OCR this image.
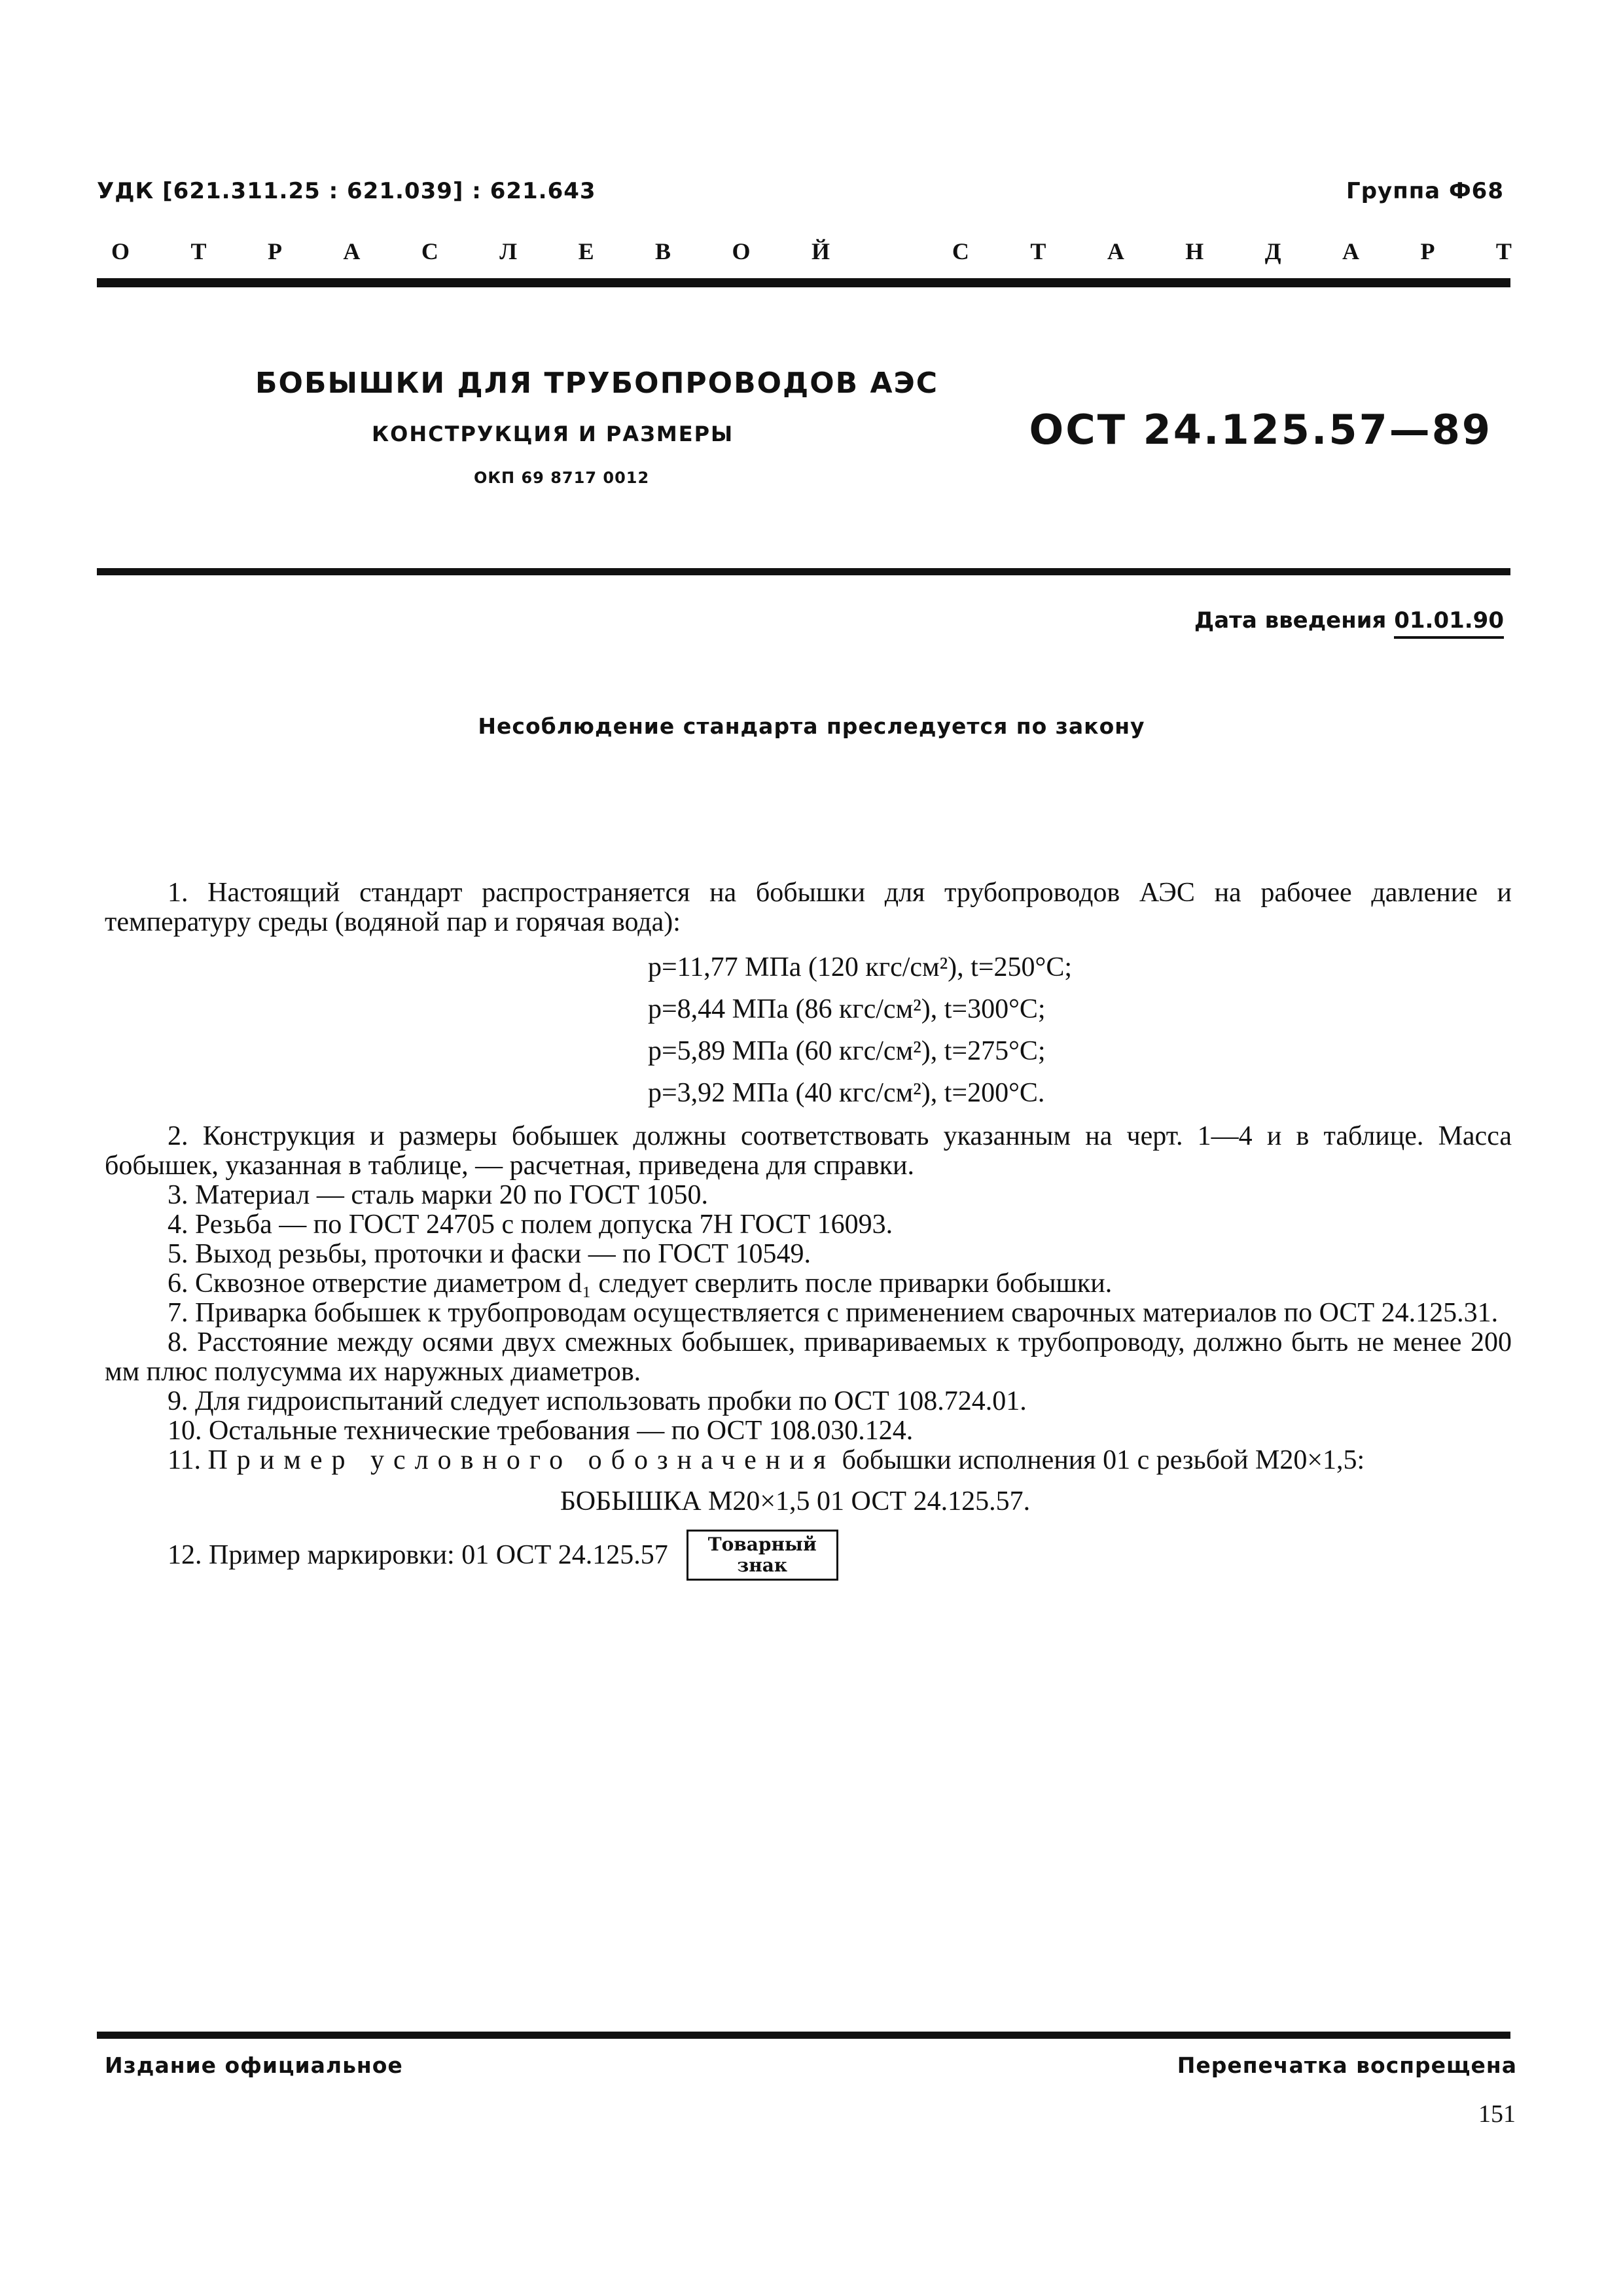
УДК [621.311.25 : 621.039] : 621.643	Группа Ф68
О	Т	Р	А	С	Л	Е	В	О	Й	С	Т	А	Н	Д	А	Р	Т
БОБЫШКИ ДЛЯ ТРУБОПРОВОДОВ АЭС
КОНСТРУКЦИЯ И РАЗМЕРЫ
ОКП 69 8717 0012
ОСТ 24.125.57—89
Дата введения 01.01.90
Несоблюдение стандарта преследуется по закону

1. Настоящий стандарт распространяется на бобышки для трубопроводов АЭС на рабочее давление и температуру среды (водяной пар и горячая вода):

p=11,77 МПа (120 кгс/см²), t=250°C;
p=8,44 МПа (86 кгс/см²), t=300°C;
p=5,89 МПа (60 кгс/см²), t=275°C;
p=3,92 МПа (40 кгс/см²), t=200°C.

2. Конструкция и размеры бобышек должны соответствовать указанным на черт. 1—4 и в таблице. Масса бобышек, указанная в таблице, — расчетная, приведена для справки.

3. Материал — сталь марки 20 по ГОСТ 1050.

4. Резьба — по ГОСТ 24705 с полем допуска 7H ГОСТ 16093.

5. Выход резьбы, проточки и фаски — по ГОСТ 10549.

6. Сквозное отверстие диаметром d₁ следует сверлить после приварки бобышки.

7. Приварка бобышек к трубопроводам осуществляется с применением сварочных материалов по ОСТ 24.125.31.

8. Расстояние между осями двух смежных бобышек, привариваемых к трубопроводу, должно быть не менее 200 мм плюс полусумма их наружных диаметров.

9. Для гидроиспытаний следует использовать пробки по ОСТ 108.724.01.

10. Остальные технические требования — по ОСТ 108.030.124.

11. Пример условного обозначения бобышки исполнения 01 с резьбой М20×1,5:

БОБЫШКА М20×1,5 01 ОСТ 24.125.57.
12. Пример маркировки: 01 ОСТ 24.125.57	Товарный
знак
Издание официальное	Перепечатка воспрещена
151
